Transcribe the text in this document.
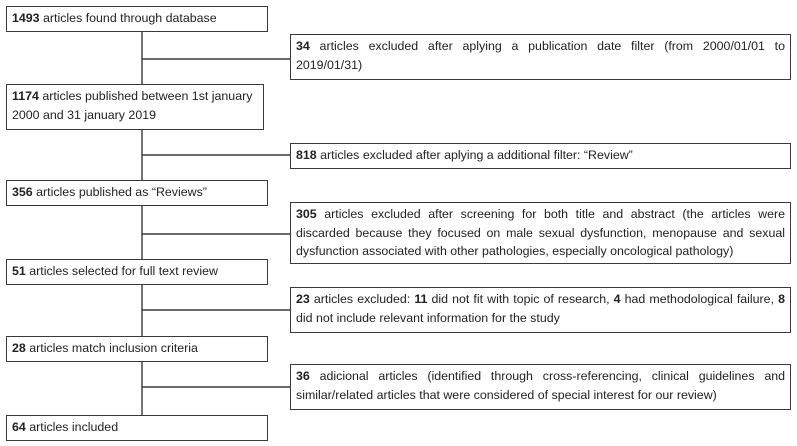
1493 articles found through database
1174 articles published between 1st january 2000 and 31 january 2019
356 articles published as “Reviews”
51 articles selected for full text review
28 articles match inclusion criteria
64 articles included
34 articles excluded after aplying a publication date filter (from 2000/01/01 to 2019/01/31)
818 articles excluded after aplying a additional filter: “Review”
305 articles excluded after screening for both title and abstract (the articles were discarded because they focused on male sexual dysfunction, menopause and sexual dysfunction associated with other pathologies, especially oncological pathology)
23 articles excluded: 11 did not fit with topic of research, 4 had methodological failure, 8 did not include relevant information for the study
36 adicional articles (identified through cross-referencing, clinical guidelines and similar/related articles that were considered of special interest for our review)
